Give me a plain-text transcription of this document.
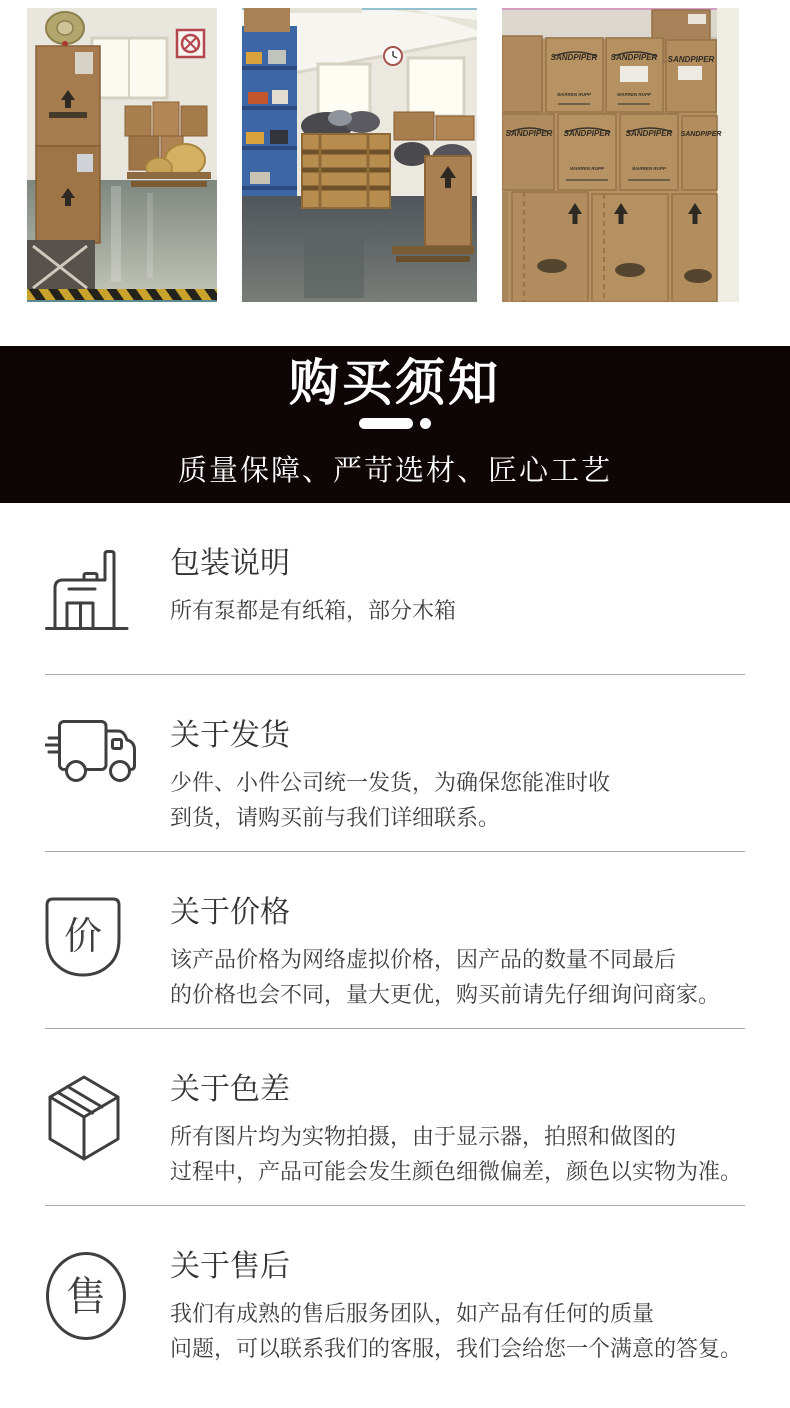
SANDPIPER SANDPIPER SANDPIPER
WARREN RUPP	WARREN RUPP
SANDPIPER SANDPIPER SANDPIPER SANDPIPER
WARREN RUPP	WARREN RUPP
购买须知
质量保障、严苛选材、匠心工艺
包装说明
所有泵都是有纸箱，部分木箱
关于发货
少件、小件公司统一发货，为确保您能准时收
到货，请购买前与我们详细联系。
价
关于价格
该产品价格为网络虚拟价格，因产品的数量不同最后
的价格也会不同，量大更优，购买前请先仔细询问商家。
关于色差
所有图片均为实物拍摄，由于显示器，拍照和做图的
过程中，产品可能会发生颜色细微偏差，颜色以实物为准。
售
关于售后
我们有成熟的售后服务团队，如产品有任何的质量
问题，可以联系我们的客服，我们会给您一个满意的答复。
